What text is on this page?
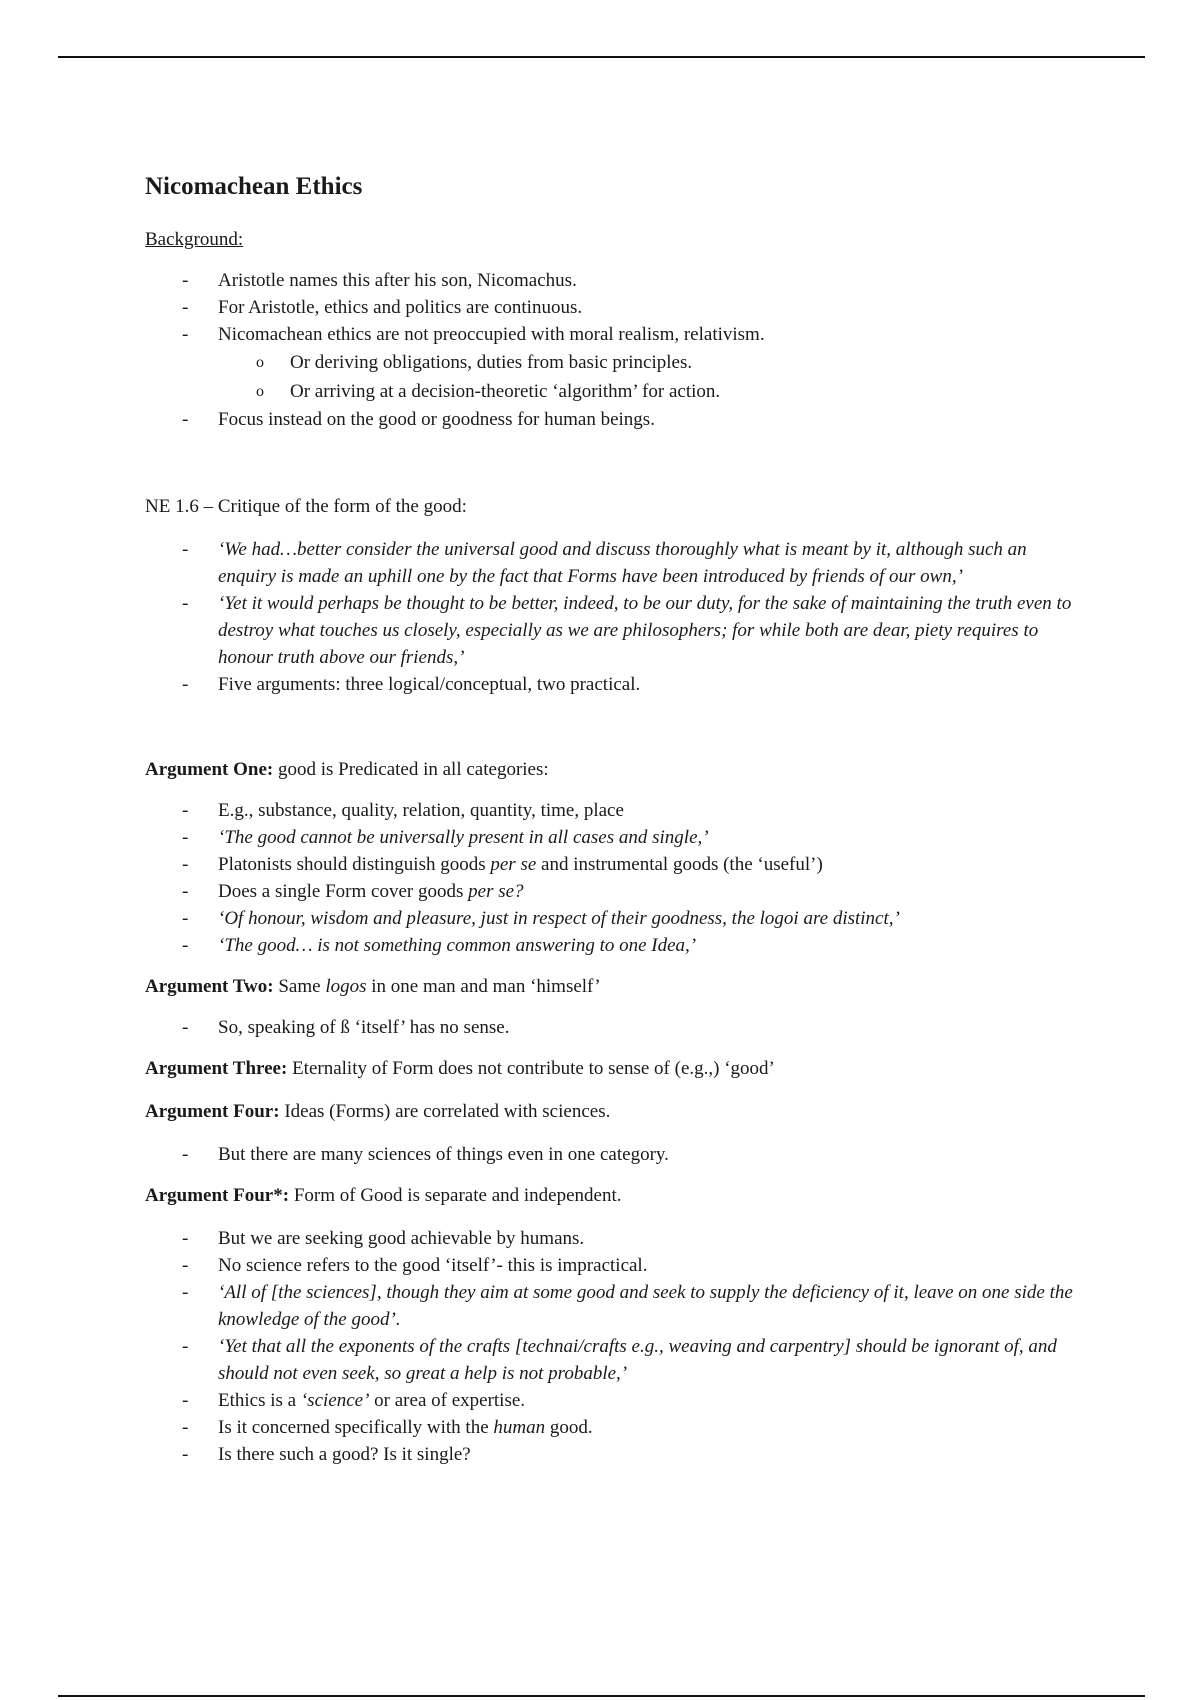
Nicomachean Ethics

Background:

- Aristotle names this after his son, Nicomachus.
- For Aristotle, ethics and politics are continuous.
- Nicomachean ethics are not preoccupied with moral realism, relativism.
o Or deriving obligations, duties from basic principles.
o Or arriving at a decision-theoretic ‘algorithm’ for action.
- Focus instead on the good or goodness for human beings.

NE 1.6 – Critique of the form of the good:

- ‘We had…better consider the universal good and discuss thoroughly what is meant by it, although such an enquiry is made an uphill one by the fact that Forms have been introduced by friends of our own,’
- ‘Yet it would perhaps be thought to be better, indeed, to be our duty, for the sake of maintaining the truth even to destroy what touches us closely, especially as we are philosophers; for while both are dear, piety requires to honour truth above our friends,’
- Five arguments: three logical/conceptual, two practical.

Argument One: good is Predicated in all categories:

- E.g., substance, quality, relation, quantity, time, place
- ‘The good cannot be universally present in all cases and single,’
- Platonists should distinguish goods per se and instrumental goods (the ‘useful’)
- Does a single Form cover goods per se?
- ‘Of honour, wisdom and pleasure, just in respect of their goodness, the logoi are distinct,’
- ‘The good… is not something common answering to one Idea,’

Argument Two: Same logos in one man and man ‘himself’

- So, speaking of ß ‘itself’ has no sense.

Argument Three: Eternality of Form does not contribute to sense of (e.g.,) ‘good’

Argument Four: Ideas (Forms) are correlated with sciences.

- But there are many sciences of things even in one category.

Argument Four*: Form of Good is separate and independent.

- But we are seeking good achievable by humans.
- No science refers to the good ‘itself’- this is impractical.
- ‘All of [the sciences], though they aim at some good and seek to supply the deficiency of it, leave on one side the knowledge of the good’.
- ‘Yet that all the exponents of the crafts [technai/crafts e.g., weaving and carpentry] should be ignorant of, and should not even seek, so great a help is not probable,’
- Ethics is a ‘science’ or area of expertise.
- Is it concerned specifically with the human good.
- Is there such a good? Is it single?
